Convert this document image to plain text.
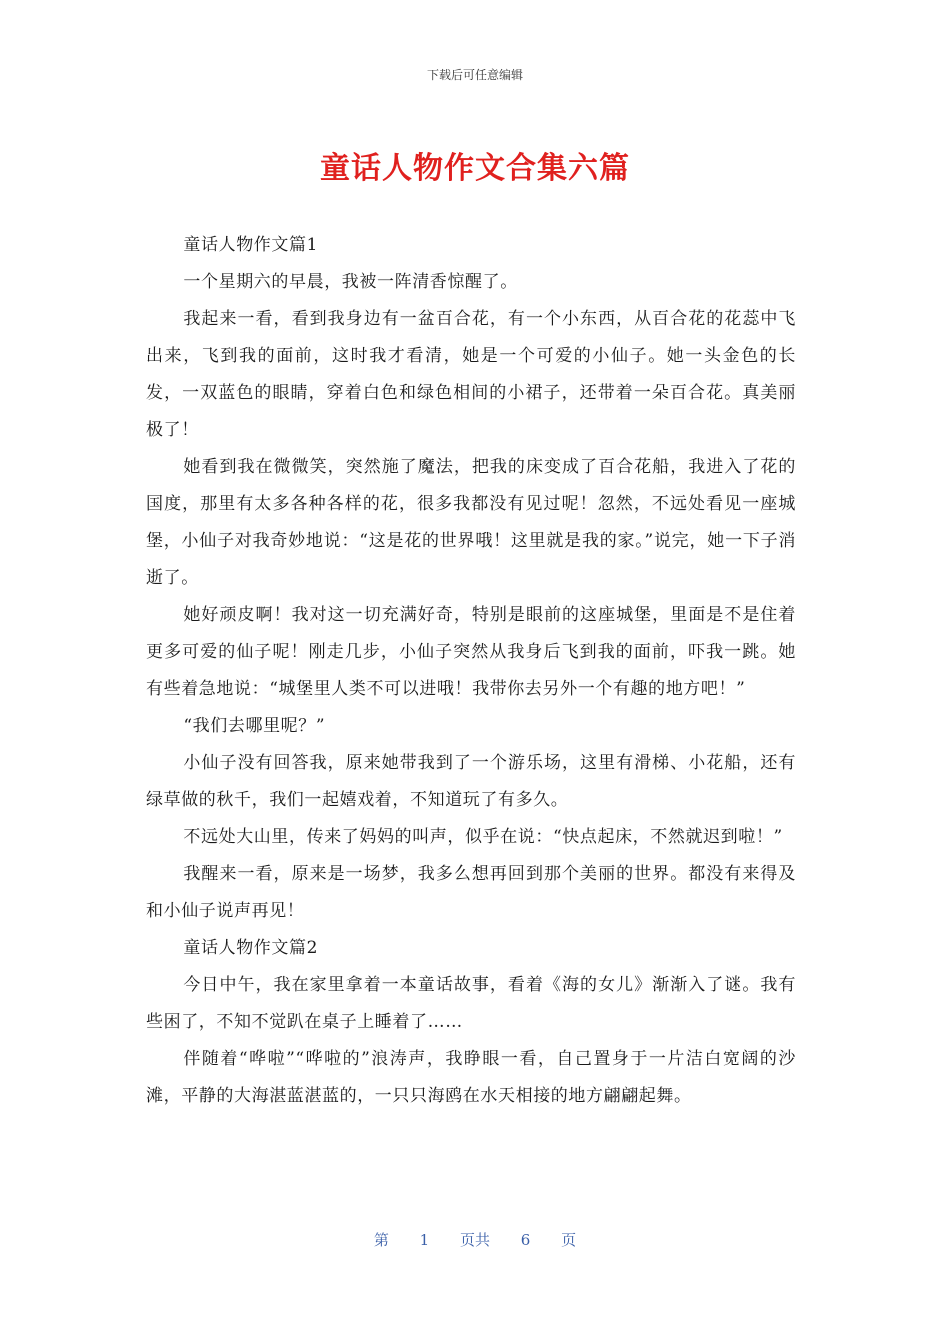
下载后可任意编辑
童话人物作文合集六篇

童话人物作文篇1

一个星期六的早晨，我被一阵清香惊醒了。

我起来一看，看到我身边有一盆百合花，有一个小东西，从百合花的花蕊中飞出来，飞到我的面前，这时我才看清，她是一个可爱的小仙子。她一头金色的长发，一双蓝色的眼睛，穿着白色和绿色相间的小裙子，还带着一朵百合花。真美丽极了！

她看到我在微微笑，突然施了魔法，把我的床变成了百合花船，我进入了花的国度，那里有太多各种各样的花，很多我都没有见过呢！忽然，不远处看见一座城堡，小仙子对我奇妙地说：“这是花的世界哦！这里就是我的家。”说完，她一下子消逝了。

她好顽皮啊！我对这一切充满好奇，特别是眼前的这座城堡，里面是不是住着更多可爱的仙子呢！刚走几步，小仙子突然从我身后飞到我的面前，吓我一跳。她有些着急地说：“城堡里人类不可以进哦！我带你去另外一个有趣的地方吧！”

“我们去哪里呢？”

小仙子没有回答我，原来她带我到了一个游乐场，这里有滑梯、小花船，还有绿草做的秋千，我们一起嬉戏着，不知道玩了有多久。

不远处大山里，传来了妈妈的叫声，似乎在说：“快点起床，不然就迟到啦！”

我醒来一看，原来是一场梦，我多么想再回到那个美丽的世界。都没有来得及和小仙子说声再见！

童话人物作文篇2

今日中午，我在家里拿着一本童话故事，看着《海的女儿》渐渐入了谜。我有些困了，不知不觉趴在桌子上睡着了……

伴随着“哗啦”“哗啦的”浪涛声，我睁眼一看，自己置身于一片洁白宽阔的沙滩，平静的大海湛蓝湛蓝的，一只只海鸥在水天相接的地方翩翩起舞。

第 1 页共 6 页
